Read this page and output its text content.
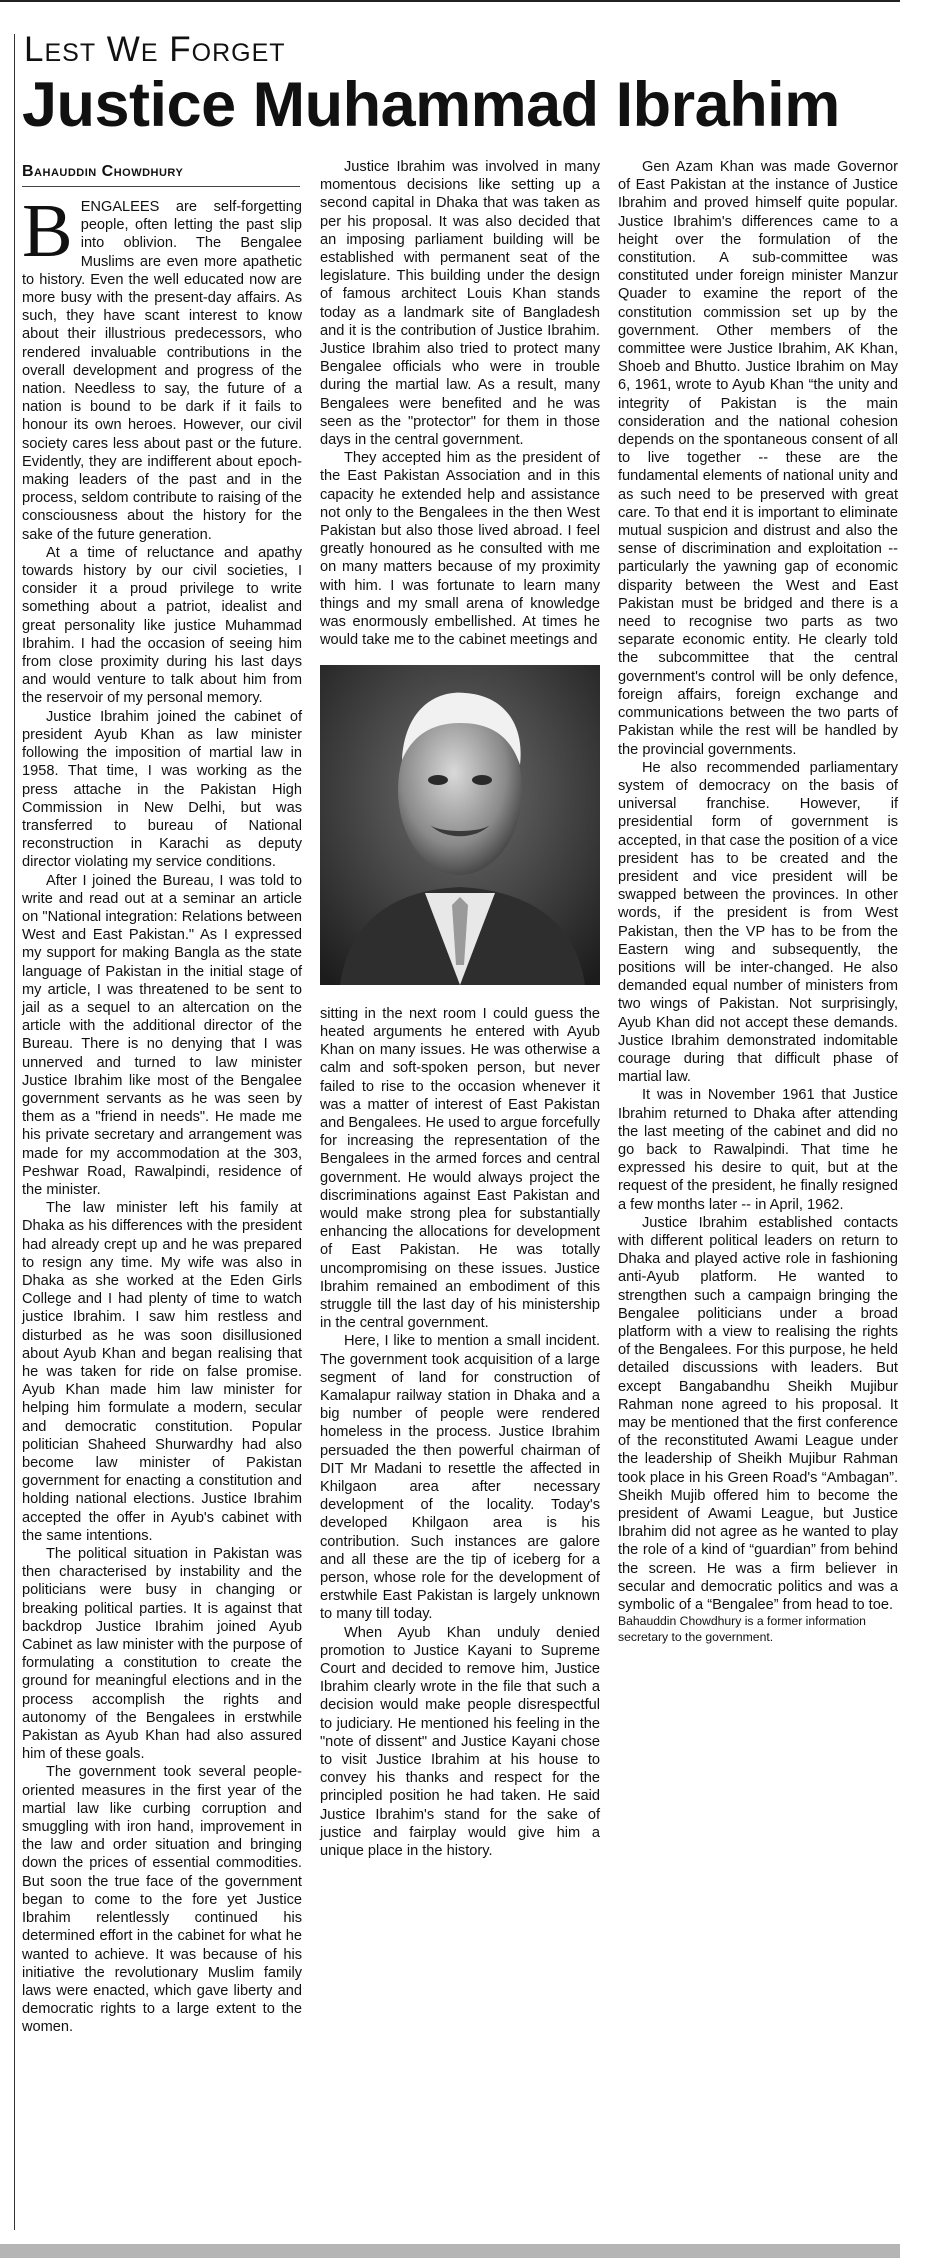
Lest We Forget
Justice Muhammad Ibrahim
Bahauddin Chowdhury

BENGALEES are self-forgetting people, often letting the past slip into oblivion. The Bengalee Muslims are even more apathetic to history. Even the well educated now are more busy with the present-day affairs. As such, they have scant interest to know about their illustrious predecessors, who rendered invaluable contributions in the overall development and progress of the nation. Needless to say, the future of a nation is bound to be dark if it fails to honour its own heroes. However, our civil society cares less about past or the future. Evidently, they are indifferent about epoch-making leaders of the past and in the process, seldom contribute to raising of the consciousness about the history for the sake of the future generation.

At a time of reluctance and apathy towards history by our civil societies, I consider it a proud privilege to write something about a patriot, idealist and great personality like justice Muhammad Ibrahim. I had the occasion of seeing him from close proximity during his last days and would venture to talk about him from the reservoir of my personal memory.

Justice Ibrahim joined the cabinet of president Ayub Khan as law minister following the imposition of martial law in 1958. That time, I was working as the press attache in the Pakistan High Commission in New Delhi, but was transferred to bureau of National reconstruction in Karachi as deputy director violating my service conditions.

After I joined the Bureau, I was told to write and read out at a seminar an article on "National integration: Relations between West and East Pakistan." As I expressed my support for making Bangla as the state language of Pakistan in the initial stage of my article, I was threatened to be sent to jail as a sequel to an altercation on the article with the additional director of the Bureau. There is no denying that I was unnerved and turned to law minister Justice Ibrahim like most of the Bengalee government servants as he was seen by them as a "friend in needs". He made me his private secretary and arrangement was made for my accommodation at the 303, Peshwar Road, Rawalpindi, residence of the minister.

The law minister left his family at Dhaka as his differences with the president had already crept up and he was prepared to resign any time. My wife was also in Dhaka as she worked at the Eden Girls College and I had plenty of time to watch justice Ibrahim. I saw him restless and disturbed as he was soon disillusioned about Ayub Khan and began realising that he was taken for ride on false promise. Ayub Khan made him law minister for helping him formulate a modern, secular and democratic constitution. Popular politician Shaheed Shurwardhy had also become law minister of Pakistan government for enacting a constitution and holding national elections. Justice Ibrahim accepted the offer in Ayub's cabinet with the same intentions.

The political situation in Pakistan was then characterised by instability and the politicians were busy in changing or breaking political parties. It is against that backdrop Justice Ibrahim joined Ayub Cabinet as law minister with the purpose of formulating a constitution to create the ground for meaningful elections and in the process accomplish the rights and autonomy of the Bengalees in erstwhile Pakistan as Ayub Khan had also assured him of these goals.

The government took several people-oriented measures in the first year of the martial law like curbing corruption and smuggling with iron hand, improvement in the law and order situation and bringing down the prices of essential commodities. But soon the true face of the government began to come to the fore yet Justice Ibrahim relentlessly continued his determined effort in the cabinet for what he wanted to achieve. It was because of his initiative the revolutionary Muslim family laws were enacted, which gave liberty and democratic rights to a large extent to the women.

Justice Ibrahim was involved in many momentous decisions like setting up a second capital in Dhaka that was taken as per his proposal. It was also decided that an imposing parliament building will be established with permanent seat of the legislature. This building under the design of famous architect Louis Khan stands today as a landmark site of Bangladesh and it is the contribution of Justice Ibrahim. Justice Ibrahim also tried to protect many Bengalee officials who were in trouble during the martial law. As a result, many Bengalees were benefited and he was seen as the "protector" for them in those days in the central government.

They accepted him as the president of the East Pakistan Association and in this capacity he extended help and assistance not only to the Bengalees in the then West Pakistan but also those lived abroad. I feel greatly honoured as he consulted with me on many matters because of my proximity with him. I was fortunate to learn many things and my small arena of knowledge was enormously embellished. At times he would take me to the cabinet meetings and

sitting in the next room I could guess the heated arguments he entered with Ayub Khan on many issues. He was otherwise a calm and soft-spoken person, but never failed to rise to the occasion whenever it was a matter of interest of East Pakistan and Bengalees. He used to argue forcefully for increasing the representation of the Bengalees in the armed forces and central government. He would always project the discriminations against East Pakistan and would make strong plea for substantially enhancing the allocations for development of East Pakistan. He was totally uncompromising on these issues. Justice Ibrahim remained an embodiment of this struggle till the last day of his ministership in the central government.

Here, I like to mention a small incident. The government took acquisition of a large segment of land for construction of Kamalapur railway station in Dhaka and a big number of people were rendered homeless in the process. Justice Ibrahim persuaded the then powerful chairman of DIT Mr Madani to resettle the affected in Khilgaon area after necessary development of the locality. Today's developed Khilgaon area is his contribution. Such instances are galore and all these are the tip of iceberg for a person, whose role for the development of erstwhile East Pakistan is largely unknown to many till today.

When Ayub Khan unduly denied promotion to Justice Kayani to Supreme Court and decided to remove him, Justice Ibrahim clearly wrote in the file that such a decision would make people disrespectful to judiciary. He mentioned his feeling in the "note of dissent" and Justice Kayani chose to visit Justice Ibrahim at his house to convey his thanks and respect for the principled position he had taken. He said Justice Ibrahim's stand for the sake of justice and fairplay would give him a unique place in the history.

Gen Azam Khan was made Governor of East Pakistan at the instance of Justice Ibrahim and proved himself quite popular. Justice Ibrahim's differences came to a height over the formulation of the constitution. A sub-committee was constituted under foreign minister Manzur Quader to examine the report of the constitution commission set up by the government. Other members of the committee were Justice Ibrahim, AK Khan, Shoeb and Bhutto. Justice Ibrahim on May 6, 1961, wrote to Ayub Khan “the unity and integrity of Pakistan is the main consideration and the national cohesion depends on the spontaneous consent of all to live together -- these are the fundamental elements of national unity and as such need to be preserved with great care. To that end it is important to eliminate mutual suspicion and distrust and also the sense of discrimination and exploitation -- particularly the yawning gap of economic disparity between the West and East Pakistan must be bridged and there is a need to recognise two parts as two separate economic entity. He clearly told the subcommittee that the central government's control will be only defence, foreign affairs, foreign exchange and communications between the two parts of Pakistan while the rest will be handled by the provincial governments.

He also recommended parliamentary system of democracy on the basis of universal franchise. However, if presidential form of government is accepted, in that case the position of a vice president has to be created and the president and vice president will be swapped between the provinces. In other words, if the president is from West Pakistan, then the VP has to be from the Eastern wing and subsequently, the positions will be inter-changed. He also demanded equal number of ministers from two wings of Pakistan. Not surprisingly, Ayub Khan did not accept these demands. Justice Ibrahim demonstrated indomitable courage during that difficult phase of martial law.

It was in November 1961 that Justice Ibrahim returned to Dhaka after attending the last meeting of the cabinet and did no go back to Rawalpindi. That time he expressed his desire to quit, but at the request of the president, he finally resigned a few months later -- in April, 1962.

Justice Ibrahim established contacts with different political leaders on return to Dhaka and played active role in fashioning anti-Ayub platform. He wanted to strengthen such a campaign bringing the Bengalee politicians under a broad platform with a view to realising the rights of the Bengalees. For this purpose, he held detailed discussions with leaders. But except Bangabandhu Sheikh Mujibur Rahman none agreed to his proposal. It may be mentioned that the first conference of the reconstituted Awami League under the leadership of Sheikh Mujibur Rahman took place in his Green Road's “Ambagan”. Sheikh Mujib offered him to become the president of Awami League, but Justice Ibrahim did not agree as he wanted to play the role of a kind of “guardian” from behind the screen. He was a firm believer in secular and democratic politics and was a symbolic of a “Bengalee” from head to toe.

Bahauddin Chowdhury is a former information secretary to the government.
